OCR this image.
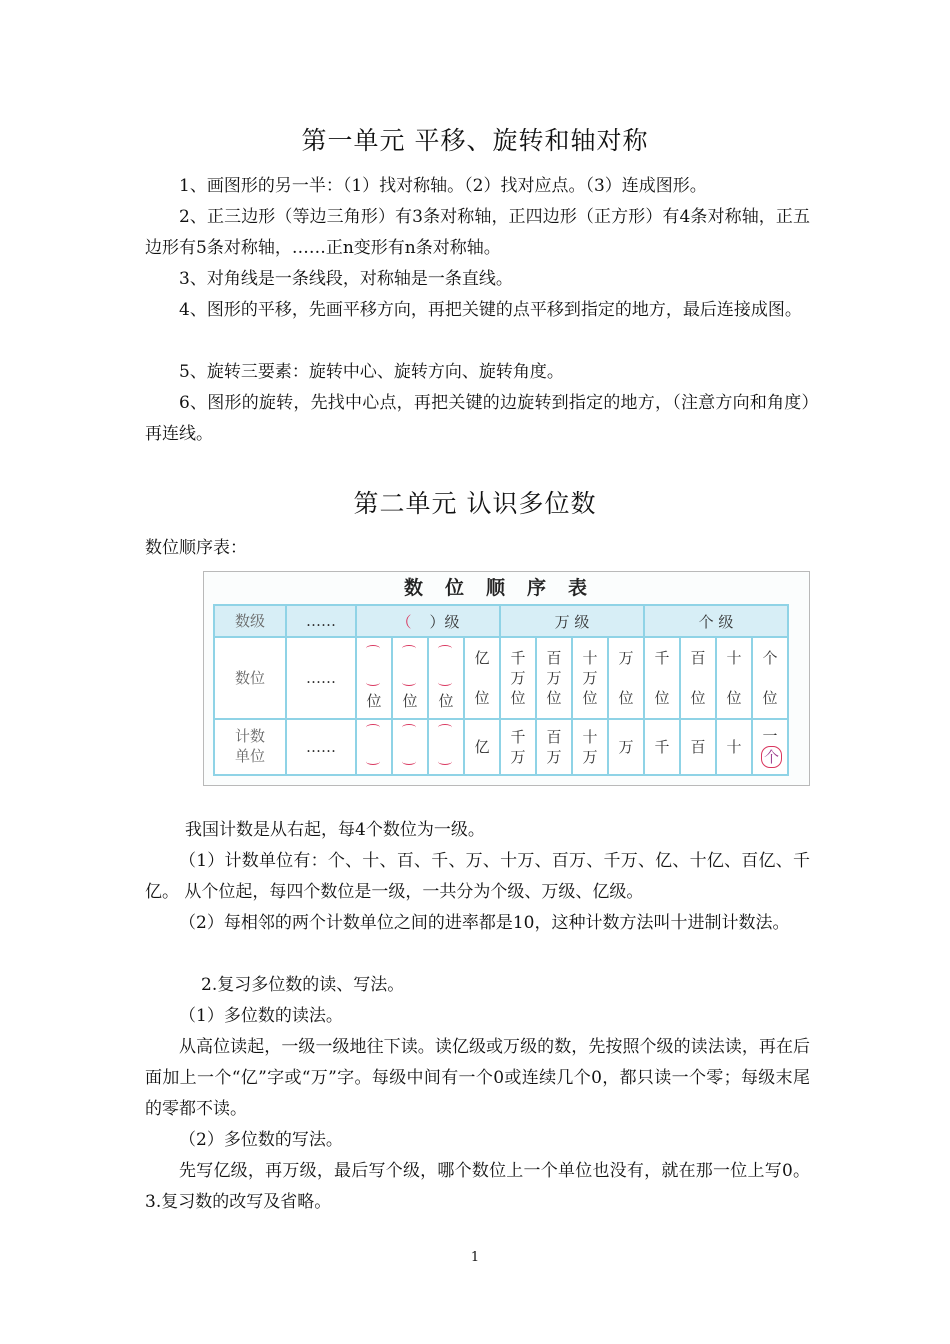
第一单元 平移、旋转和轴对称

1、画图形的另一半：（1）找对称轴。（2）找对应点。（3）连成图形。

2、正三边形（等边三角形）有3条对称轴，正四边形（正方形）有4条对称轴，正五边形有5条对称轴，……正n变形有n条对称轴。

3、对角线是一条线段，对称轴是一条直线。

4、图形的平移，先画平移方向，再把关键的点平移到指定的地方，最后连接成图。

5、旋转三要素：旋转中心、旋转方向、旋转角度。

6、图形的旋转，先找中心点，再把关键的边旋转到指定的地方，（注意方向和角度）再连线。

第二单元 认识多位数

数位顺序表：

数位顺序表
数级	……	（ ）级				万 级				个 级			
数位	……	位	位	位	亿位	千万位	百万位	十万位	万位	千位	百位	十位	个位
计数单位	……				亿	千万	百万	十万	万	千	百	十	一
个

我国计数是从右起，每4个数位为一级。

（1）计数单位有：个、十、百、千、万、十万、百万、千万、亿、十亿、百亿、千亿。 从个位起，每四个数位是一级，一共分为个级、万级、亿级。

（2）每相邻的两个计数单位之间的进率都是10，这种计数方法叫十进制计数法。

2.复习多位数的读、写法。

（1）多位数的读法。

从高位读起，一级一级地往下读。读亿级或万级的数，先按照个级的读法读，再在后面加上一个“亿”字或“万”字。每级中间有一个0或连续几个0，都只读一个零；每级末尾的零都不读。

（2）多位数的写法。

先写亿级，再万级，最后写个级，哪个数位上一个单位也没有，就在那一位上写0。 3.复习数的改写及省略。

1
